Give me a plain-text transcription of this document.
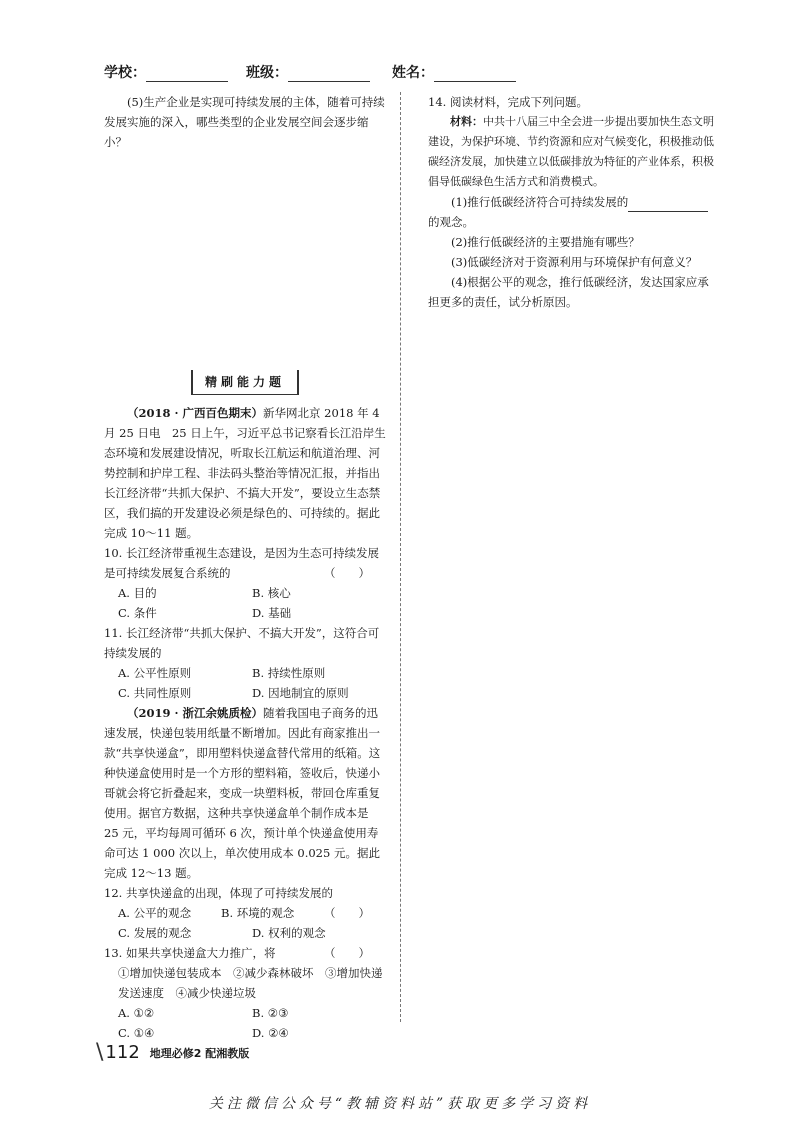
学校：	班级：	姓名：

(5)生产企业是实现可持续发展的主体，随着可持续发展实施的深入，哪些类型的企业发展空间会逐步缩小？

精刷能力题

（2018 · 广西百色期末）新华网北京 2018 年 4 月 25 日电　25 日上午，习近平总书记察看长江沿岸生态环境和发展建设情况，听取长江航运和航道治理、河势控制和护岸工程、非法码头整治等情况汇报，并指出长江经济带“共抓大保护、不搞大开发”，要设立生态禁区，我们搞的开发建设必须是绿色的、可持续的。据此完成 10～11 题。

10. 长江经济带重视生态建设，是因为生态可持续发展是可持续发展复合系统的	（　　）

A. 目的	B. 核心
C. 条件	D. 基础

11. 长江经济带“共抓大保护、不搞大开发”，这符合可持续发展的

A. 公平性原则	B. 持续性原则
C. 共同性原则	D. 因地制宜的原则

（2019 · 浙江余姚质检）随着我国电子商务的迅速发展，快递包装用纸量不断增加。因此有商家推出一款“共享快递盒”，即用塑料快递盒替代常用的纸箱。这种快递盒使用时是一个方形的塑料箱，签收后，快递小哥就会将它折叠起来，变成一块塑料板，带回仓库重复使用。据官方数据，这种共享快递盒单个制作成本是 25 元，平均每周可循环 6 次，预计单个快递盒使用寿命可达 1 000 次以上，单次使用成本 0.025 元。据此完成 12～13 题。

12. 共享快递盒的出现，体现了可持续发展的
（　　）

A. 公平的观念	B. 环境的观念
C. 发展的观念	D. 权利的观念

13. 如果共享快递盒大力推广，将	（　　）

①增加快递包装成本　②减少森林破坏　③增加快递发送速度　④减少快递垃圾

A. ①②	B. ②③
C. ①④	D. ②④

14. 阅读材料，完成下列问题。

材料：中共十八届三中全会进一步提出要加快生态文明建设，为保护环境、节约资源和应对气候变化，积极推动低碳经济发展，加快建立以低碳排放为特征的产业体系，积极倡导低碳绿色生活方式和消费模式。

(1)推行低碳经济符合可持续发展的

的观念。

(2)推行低碳经济的主要措施有哪些？

(3)低碳经济对于资源利用与环境保护有何意义？

(4)根据公平的观念，推行低碳经济，发达国家应承担更多的责任，试分析原因。

\ 112 地理必修2 配湘教版
关注微信公众号“教辅资料站”获取更多学习资料
